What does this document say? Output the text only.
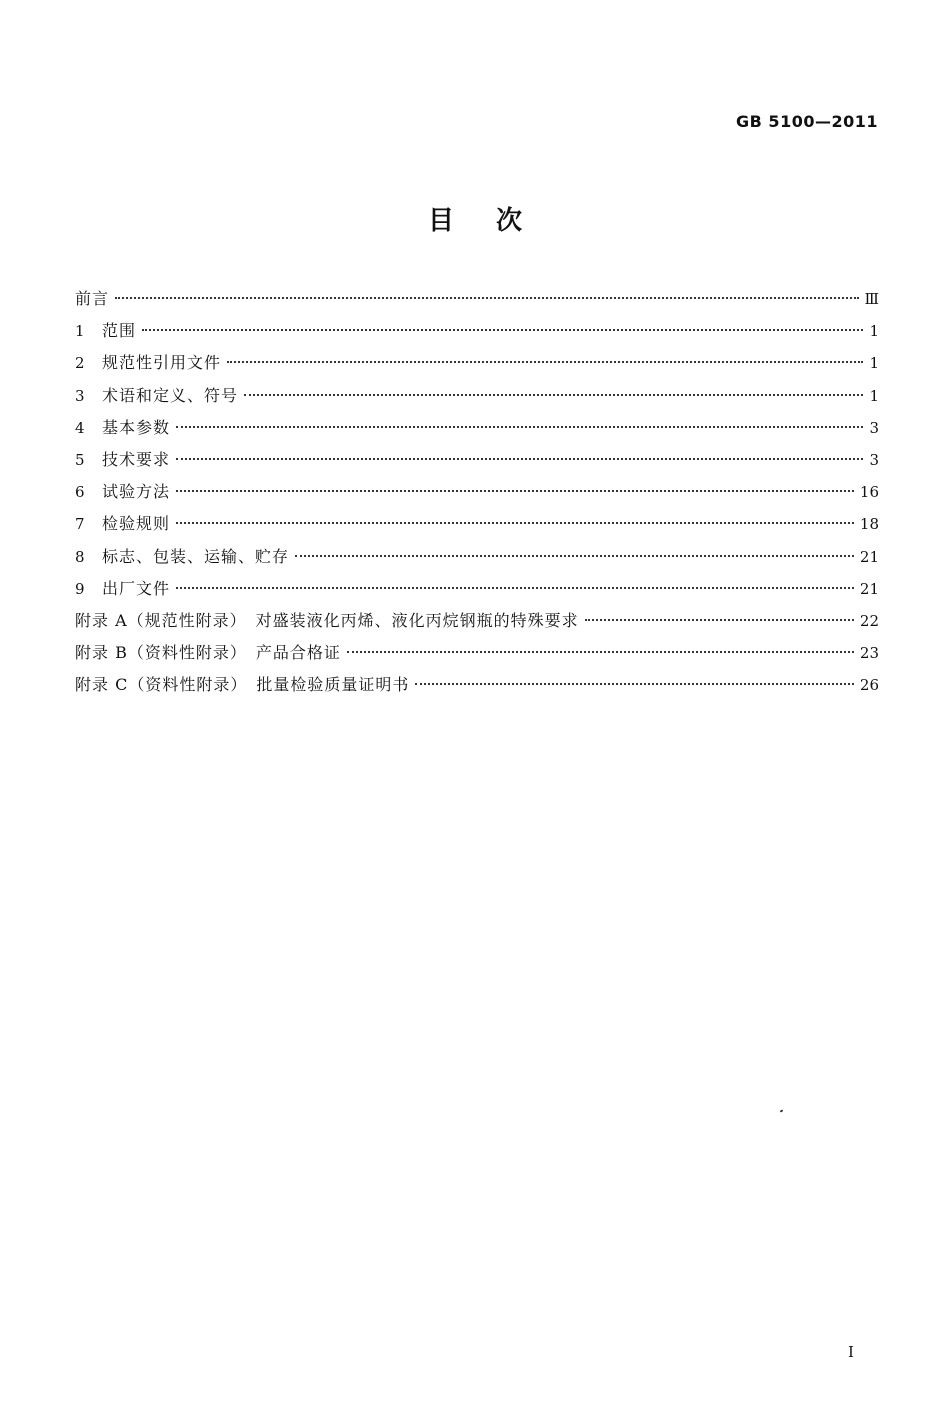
GB 5100—2011
目次
前言	Ⅲ
1	范围	1
2	规范性引用文件	1
3	术语和定义、符号	1
4	基本参数	3
5	技术要求	3
6	试验方法	16
7	检验规则	18
8	标志、包装、运输、贮存	21
9	出厂文件	21
附录 A（规范性附录）　对盛装液化丙烯、液化丙烷钢瓶的特殊要求	22
附录 B（资料性附录）　产品合格证	23
附录 C（资料性附录）　批量检验质量证明书	26
I
